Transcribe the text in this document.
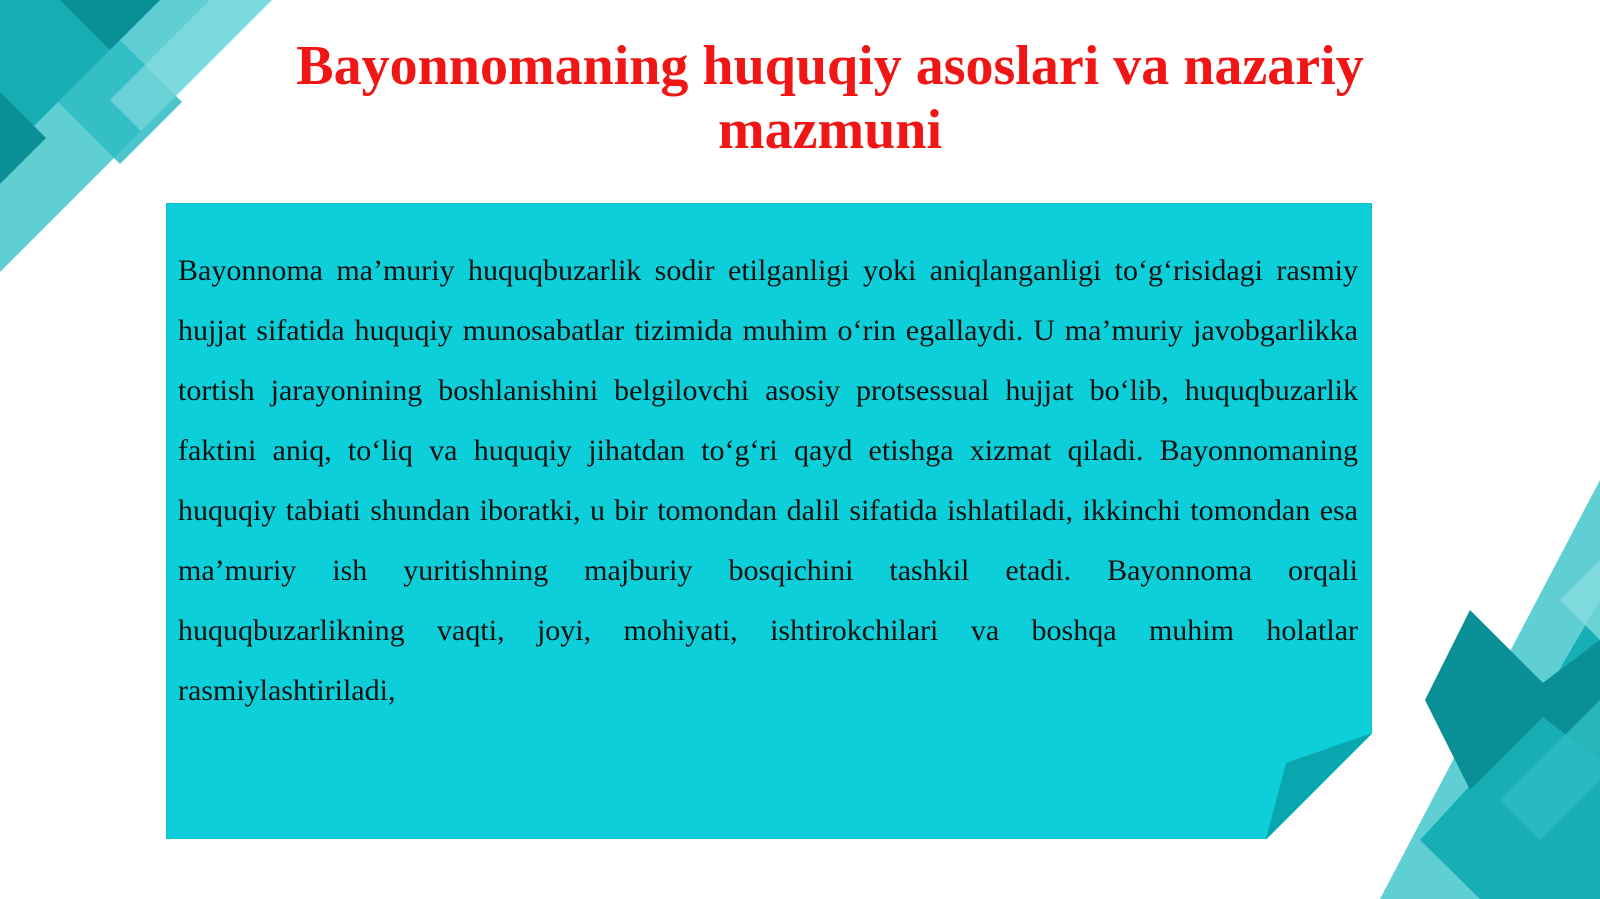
Bayonnomaning huquqiy asoslari va nazariy mazmuni

Bayonnoma ma’muriy huquqbuzarlik sodir etilganligi yoki aniqlanganligi to‘g‘risidagi rasmiy hujjat sifatida huquqiy munosabatlar tizimida muhim o‘rin egallaydi. U ma’muriy javobgarlikka tortish jarayonining boshlanishini belgilovchi asosiy protsessual hujjat bo‘lib, huquqbuzarlik faktini aniq, to‘liq va huquqiy jihatdan to‘g‘ri qayd etishga xizmat qiladi. Bayonnomaning huquqiy tabiati shundan iboratki, u bir tomondan dalil sifatida ishlatiladi, ikkinchi tomondan esa ma’muriy ish yuritishning majburiy bosqichini tashkil etadi. Bayonnoma orqali huquqbuzarlikning vaqti, joyi, mohiyati, ishtirokchilari va boshqa muhim holatlar rasmiylashtiriladi,
